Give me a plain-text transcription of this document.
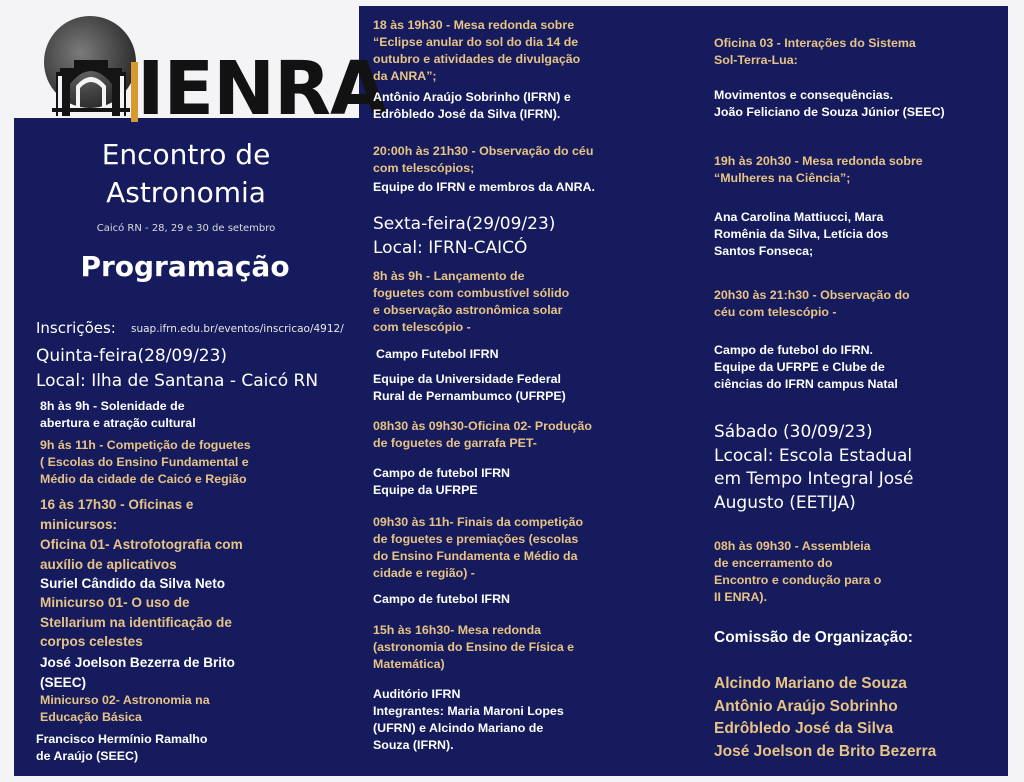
IENRA
Encontro de
Astronomia
Caicó RN - 28, 29 e 30 de setembro
Programação
Inscrições: suap.ifrn.edu.br/eventos/inscricao/4912/
Quinta-feira(28/09/23)
Local: Ilha de Santana - Caicó RN
8h às 9h - Solenidade de
abertura e atração cultural
9h ás 11h - Competição de foguetes
( Escolas do Ensino Fundamental e
Médio da cidade de Caicó e Região
16 às 17h30 - Oficinas e
minicursos:
Oficina 01- Astrofotografia com
auxílio de aplicativos
Suriel Cândido da Silva Neto
Minicurso 01- O uso de
Stellarium na identificação de
corpos celestes
José Joelson Bezerra de Brito
(SEEC)
Minicurso 02- Astronomia na
Educação Básica
Francisco Hermínio Ramalho
de Araújo (SEEC)
Sexta-feira(29/09/23)
Local: IFRN-CAICÓ
18 às 19h30 - Mesa redonda sobre
“Eclipse anular do sol do dia 14 de
outubro e atividades de divulgação
da ANRA”;
Antônio Araújo Sobrinho (IFRN) e
Edrôbledo José da Silva (IFRN).
20:00h às 21h30 - Observação do céu
com telescópios;
Equipe do IFRN e membros da ANRA.
8h às 9h - Lançamento de
foguetes com combustível sólido
e observação astronômica solar
com telescópio -
Campo Futebol IFRN
Equipe da Universidade Federal
Rural de Pernambumco (UFRPE)
08h30 às 09h30-Oficina 02- Produção
de foguetes de garrafa PET-
Campo de futebol IFRN
Equipe da UFRPE
09h30 às 11h- Finais da competição
de foguetes e premiações (escolas
do Ensino Fundamenta e Médio da
cidade e região) -
Campo de futebol IFRN
15h às 16h30- Mesa redonda
(astronomia do Ensino de Física e
Matemática)
Auditório IFRN
Integrantes: Maria Maroni Lopes
(UFRN) e Alcindo Mariano de
Souza (IFRN).
Oficina 03 - Interações do Sistema
Sol-Terra-Lua:
Movimentos e consequências.
João Feliciano de Souza Júnior (SEEC)
19h às 20h30 - Mesa redonda sobre
“Mulheres na Ciência”;
Ana Carolina Mattiucci, Mara
Romênia da Silva, Letícia dos
Santos Fonseca;
20h30 às 21:h30 - Observação do
céu com telescópio -
Campo de futebol do IFRN.
Equipe da UFRPE e Clube de
ciências do IFRN campus Natal
08h às 09h30 - Assembleia
de encerramento do
Encontro e condução para o
II ENRA).
Sábado (30/09/23)
Lcocal: Escola Estadual
em Tempo Integral José
Augusto (EETIJA)
Comissão de Organização:
Alcindo Mariano de Souza
Antônio Araújo Sobrinho
Edrôbledo José da Silva
José Joelson de Brito Bezerra
